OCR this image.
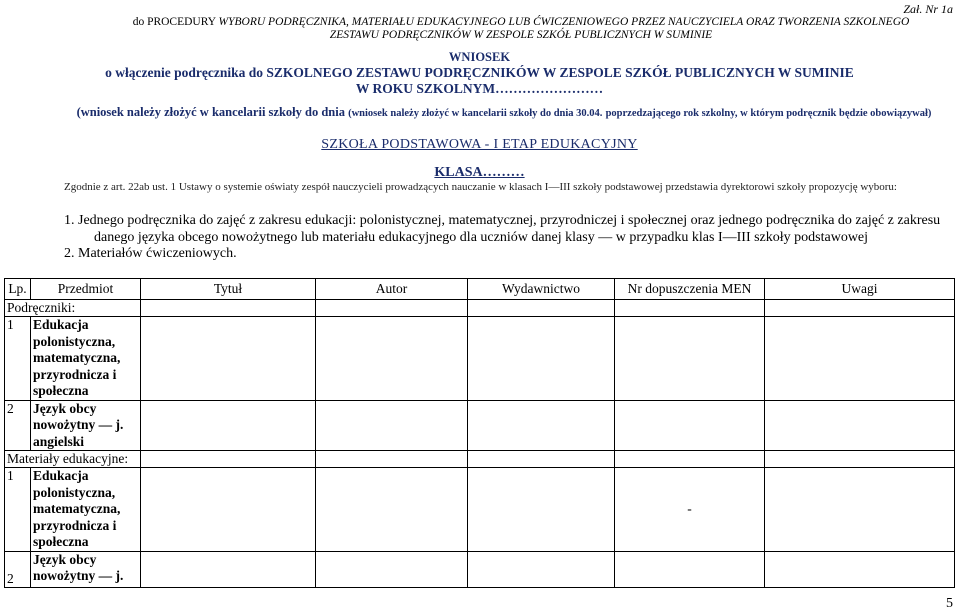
Zał. Nr 1a
do PROCEDURY WYBORU PODRĘCZNIKA, MATERIAŁU EDUKACYJNEGO LUB ĆWICZENIOWEGO PRZEZ NAUCZYCIELA ORAZ TWORZENIA SZKOLNEGO
ZESTAWU PODRĘCZNIKÓW W ZESPOLE SZKÓŁ PUBLICZNYCH W SUMINIE
WNIOSEK
o włączenie podręcznika do SZKOLNEGO ZESTAWU PODRĘCZNIKÓW W ZESPOLE SZKÓŁ PUBLICZNYCH W SUMINIE
W ROKU SZKOLNYM……………………
(wniosek należy złożyć w kancelarii szkoły do dnia (wniosek należy złożyć w kancelarii szkoły do dnia 30.04. poprzedzającego rok szkolny, w którym podręcznik będzie obowiązywał)
SZKOŁA PODSTAWOWA - I ETAP EDUKACYJNY
KLASA………
Zgodnie z art. 22ab ust. 1 Ustawy o systemie oświaty zespół nauczycieli prowadzących nauczanie w klasach I—III szkoły podstawowej przedstawia dyrektorowi szkoły propozycję wyboru:
1. Jednego podręcznika do zajęć z zakresu edukacji: polonistycznej, matematycznej, przyrodniczej i społecznej oraz jednego podręcznika do zajęć z zakresu danego języka obcego nowożytnego lub materiału edukacyjnego dla uczniów danej klasy — w przypadku klas I—III szkoły podstawowej
2. Materiałów ćwiczeniowych.
Lp.	Przedmiot	Tytuł	Autor	Wydawnictwo	Nr dopuszczenia MEN	Uwagi
Podręczniki:						
1	Edukacja polonistyczna, matematyczna, przyrodnicza i społeczna					
2	Język obcy nowożytny — j. angielski					
Materiały edukacyjne:						
1	Edukacja polonistyczna, matematyczna, przyrodnicza i społeczna				-	
2	Język obcy nowożytny — j.					
5
